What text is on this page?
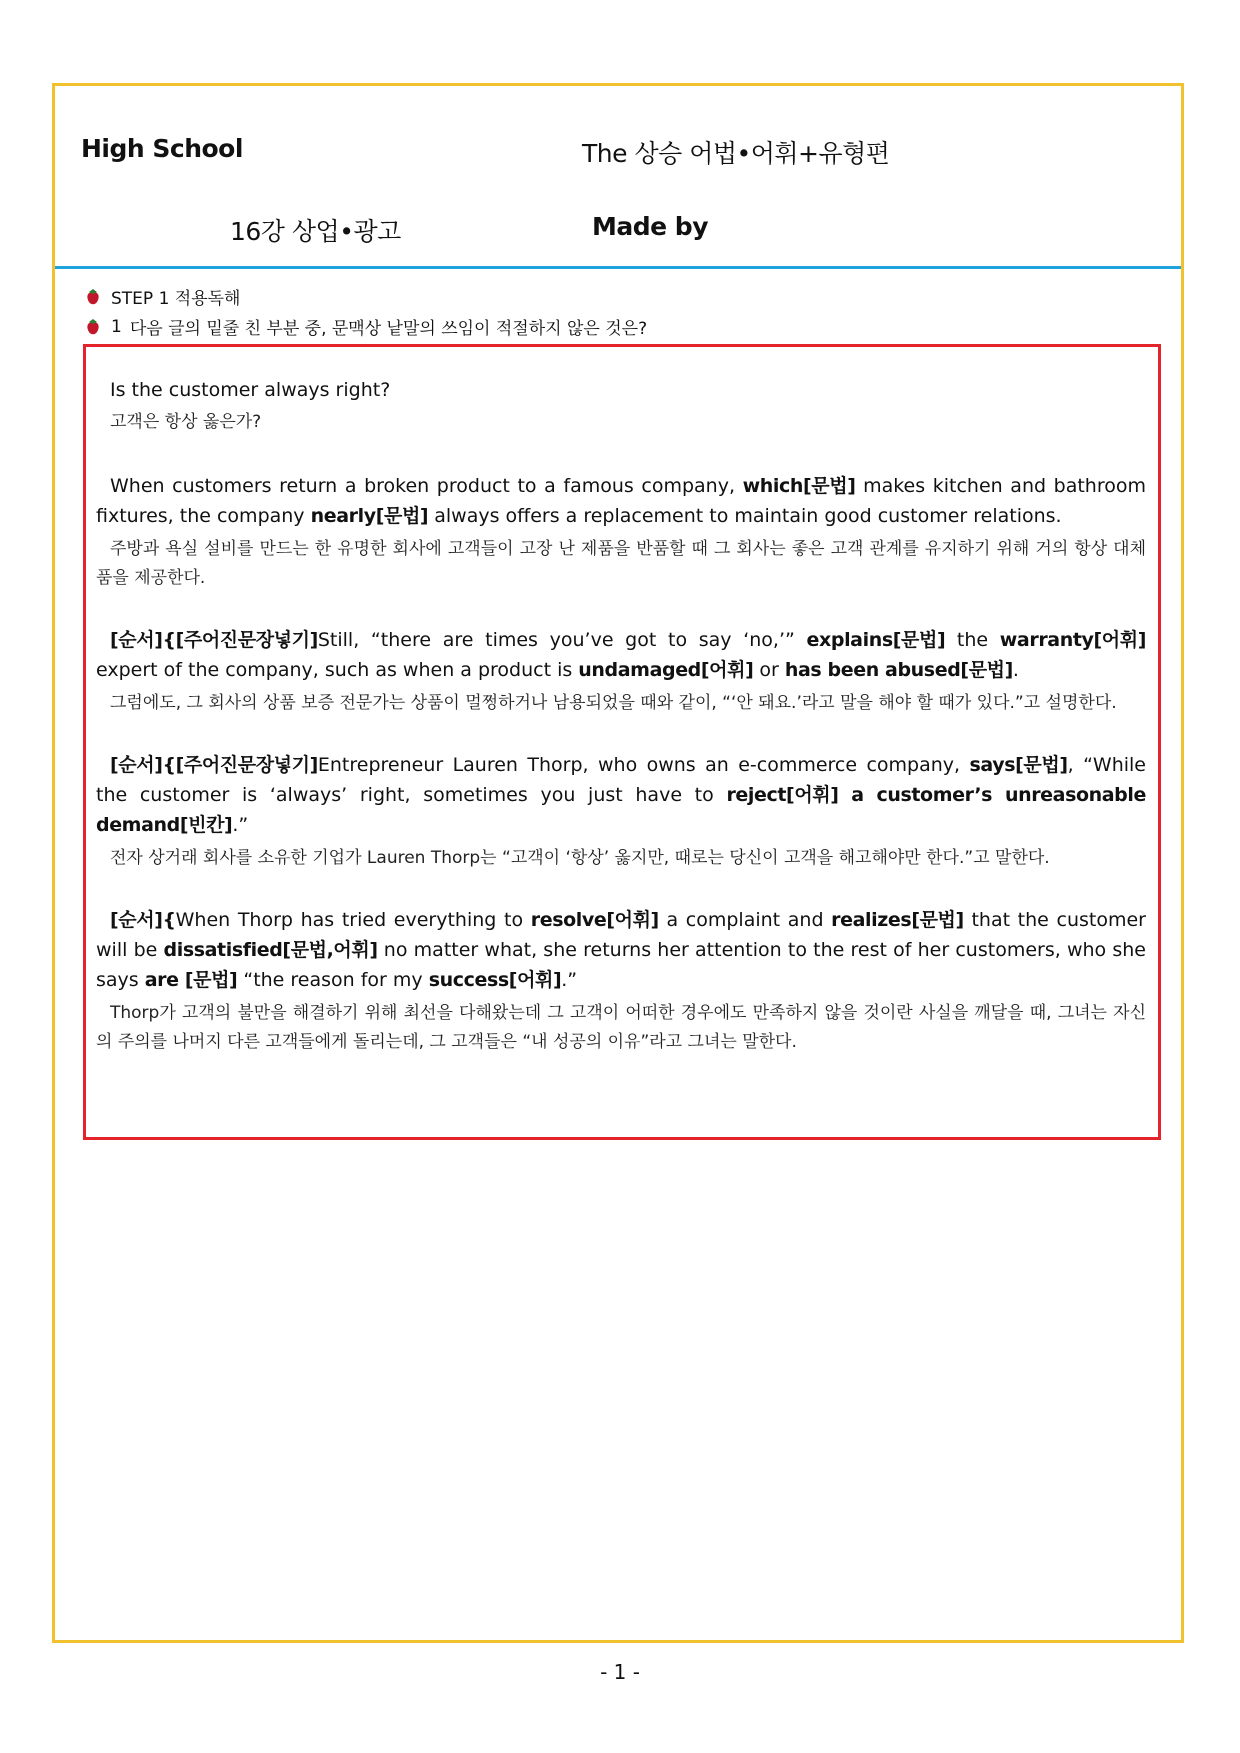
High School	The 상승 어법•어휘+유형편
16강 상업•광고	Made by
STEP 1 적용독해
1 다음 글의 밑줄 친 부분 중, 문맥상 낱말의 쓰임이 적절하지 않은 것은?

Is the customer always right?

고객은 항상 옳은가?

When customers return a broken product to a famous company, which[문법] makes kitchen and bathroom fixtures, the company nearly[문법] always offers a replacement to maintain good customer relations.

주방과 욕실 설비를 만드는 한 유명한 회사에 고객들이 고장 난 제품을 반품할 때 그 회사는 좋은 고객 관계를 유지하기 위해 거의 항상 대체품을 제공한다.

[순서]{[주어진문장넣기]Still, “there are times you’ve got to say ‘no,’” explains[문법] the warranty[어휘] expert of the company, such as when a product is undamaged[어휘] or has been abused[문법].

그럼에도, 그 회사의 상품 보증 전문가는 상품이 멀쩡하거나 남용되었을 때와 같이, “‘안 돼요.’라고 말을 해야 할 때가 있다.”고 설명한다.

[순서]{[주어진문장넣기]Entrepreneur Lauren Thorp, who owns an e-commerce company, says[문법], “While the customer is ‘always’ right, sometimes you just have to reject[어휘] a customer’s unreasonable demand[빈칸].”

전자 상거래 회사를 소유한 기업가 Lauren Thorp는 “고객이 ‘항상’ 옳지만, 때로는 당신이 고객을 해고해야만 한다.”고 말한다.

[순서]{When Thorp has tried everything to resolve[어휘] a complaint and realizes[문법] that the customer will be dissatisfied[문법,어휘] no matter what, she returns her attention to the rest of her customers, who she says are [문법] “the reason for my success[어휘].”

Thorp가 고객의 불만을 해결하기 위해 최선을 다해왔는데 그 고객이 어떠한 경우에도 만족하지 않을 것이란 사실을 깨달을 때, 그녀는 자신의 주의를 나머지 다른 고객들에게 돌리는데, 그 고객들은 “내 성공의 이유”라고 그녀는 말한다.

- 1 -
